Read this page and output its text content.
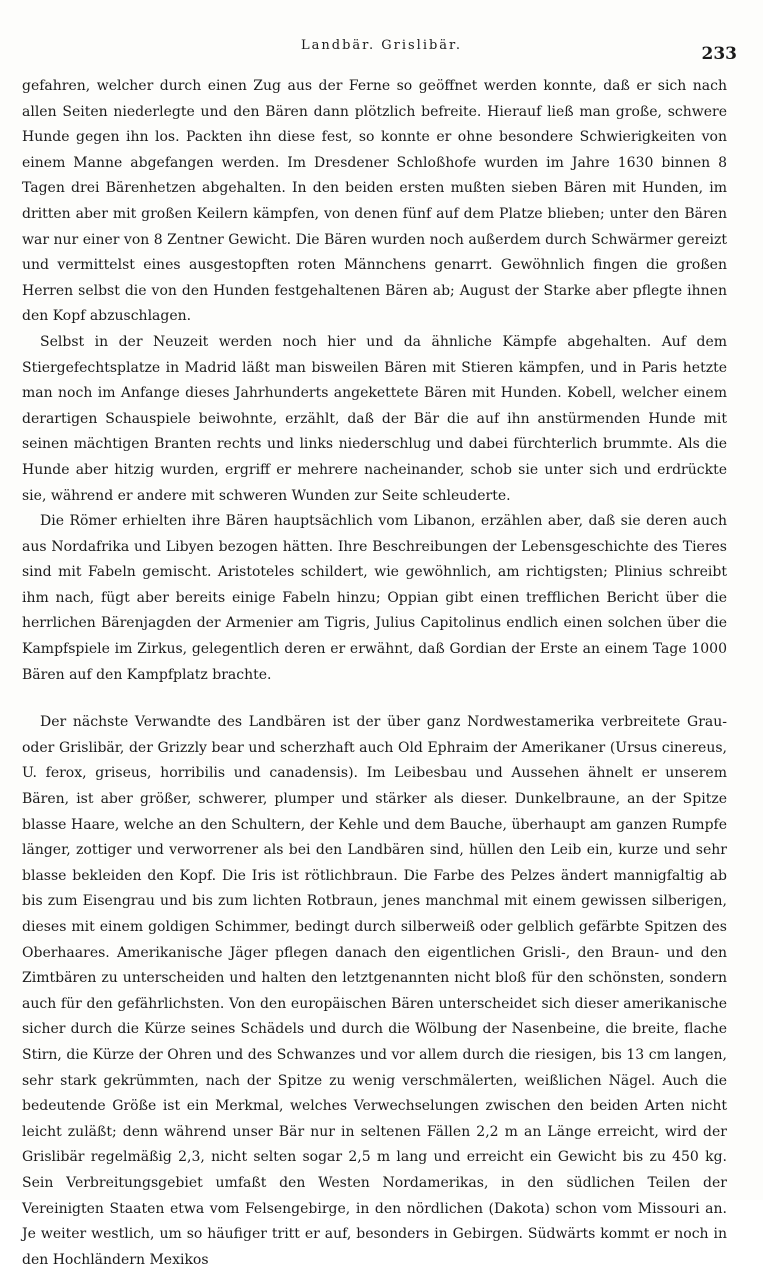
Landbär. Grislibär.	233

gefahren, welcher durch einen Zug aus der Ferne so geöffnet werden konnte, daß er sich nach allen Seiten niederlegte und den Bären dann plötzlich befreite. Hierauf ließ man große, schwere Hunde gegen ihn los. Packten ihn diese fest, so konnte er ohne besondere Schwierigkeiten von einem Manne abgefangen werden. Im Dresdener Schloßhofe wurden im Jahre 1630 binnen 8 Tagen drei Bärenhetzen abgehalten. In den beiden ersten mußten sieben Bären mit Hunden, im dritten aber mit großen Keilern kämpfen, von denen fünf auf dem Platze blieben; unter den Bären war nur einer von 8 Zentner Gewicht. Die Bären wurden noch außerdem durch Schwärmer gereizt und vermittelst eines ausgestopften roten Männchens genarrt. Gewöhnlich fingen die großen Herren selbst die von den Hunden festgehaltenen Bären ab; August der Starke aber pflegte ihnen den Kopf abzuschlagen.

Selbst in der Neuzeit werden noch hier und da ähnliche Kämpfe abgehalten. Auf dem Stiergefechtsplatze in Madrid läßt man bisweilen Bären mit Stieren kämpfen, und in Paris hetzte man noch im Anfange dieses Jahrhunderts angekettete Bären mit Hunden. Kobell, welcher einem derartigen Schauspiele beiwohnte, erzählt, daß der Bär die auf ihn anstürmenden Hunde mit seinen mächtigen Branten rechts und links niederschlug und dabei fürchterlich brummte. Als die Hunde aber hitzig wurden, ergriff er mehrere nacheinander, schob sie unter sich und erdrückte sie, während er andere mit schweren Wunden zur Seite schleuderte.

Die Römer erhielten ihre Bären hauptsächlich vom Libanon, erzählen aber, daß sie deren auch aus Nordafrika und Libyen bezogen hätten. Ihre Beschreibungen der Lebensgeschichte des Tieres sind mit Fabeln gemischt. Aristoteles schildert, wie gewöhnlich, am richtigsten; Plinius schreibt ihm nach, fügt aber bereits einige Fabeln hinzu; Oppian gibt einen trefflichen Bericht über die herrlichen Bärenjagden der Armenier am Tigris, Julius Capitolinus endlich einen solchen über die Kampfspiele im Zirkus, gelegentlich deren er erwähnt, daß Gordian der Erste an einem Tage 1000 Bären auf den Kampfplatz brachte.

Der nächste Verwandte des Landbären ist der über ganz Nordwestamerika verbreitete Grau- oder Grislibär, der Grizzly bear und scherzhaft auch Old Ephraim der Amerikaner (Ursus cinereus, U. ferox, griseus, horribilis und canadensis). Im Leibesbau und Aussehen ähnelt er unserem Bären, ist aber größer, schwerer, plumper und stärker als dieser. Dunkelbraune, an der Spitze blasse Haare, welche an den Schultern, der Kehle und dem Bauche, überhaupt am ganzen Rumpfe länger, zottiger und verworrener als bei den Landbären sind, hüllen den Leib ein, kurze und sehr blasse bekleiden den Kopf. Die Iris ist rötlichbraun. Die Farbe des Pelzes ändert mannigfaltig ab bis zum Eisengrau und bis zum lichten Rotbraun, jenes manchmal mit einem gewissen silberigen, dieses mit einem goldigen Schimmer, bedingt durch silberweiß oder gelblich gefärbte Spitzen des Oberhaares. Amerikanische Jäger pflegen danach den eigentlichen Grisli-, den Braun- und den Zimtbären zu unterscheiden und halten den letztgenannten nicht bloß für den schönsten, sondern auch für den gefährlichsten. Von den europäischen Bären unterscheidet sich dieser amerikanische sicher durch die Kürze seines Schädels und durch die Wölbung der Nasenbeine, die breite, flache Stirn, die Kürze der Ohren und des Schwanzes und vor allem durch die riesigen, bis 13 cm langen, sehr stark gekrümmten, nach der Spitze zu wenig verschmälerten, weißlichen Nägel. Auch die bedeutende Größe ist ein Merkmal, welches Verwechselungen zwischen den beiden Arten nicht leicht zuläßt; denn während unser Bär nur in seltenen Fällen 2,2 m an Länge erreicht, wird der Grislibär regelmäßig 2,3, nicht selten sogar 2,5 m lang und erreicht ein Gewicht bis zu 450 kg. Sein Verbreitungsgebiet umfaßt den Westen Nordamerikas, in den südlichen Teilen der Vereinigten Staaten etwa vom Felsengebirge, in den nördlichen (Dakota) schon vom Missouri an. Je weiter westlich, um so häufiger tritt er auf, besonders in Gebirgen. Südwärts kommt er noch in den Hochländern Mexikos
